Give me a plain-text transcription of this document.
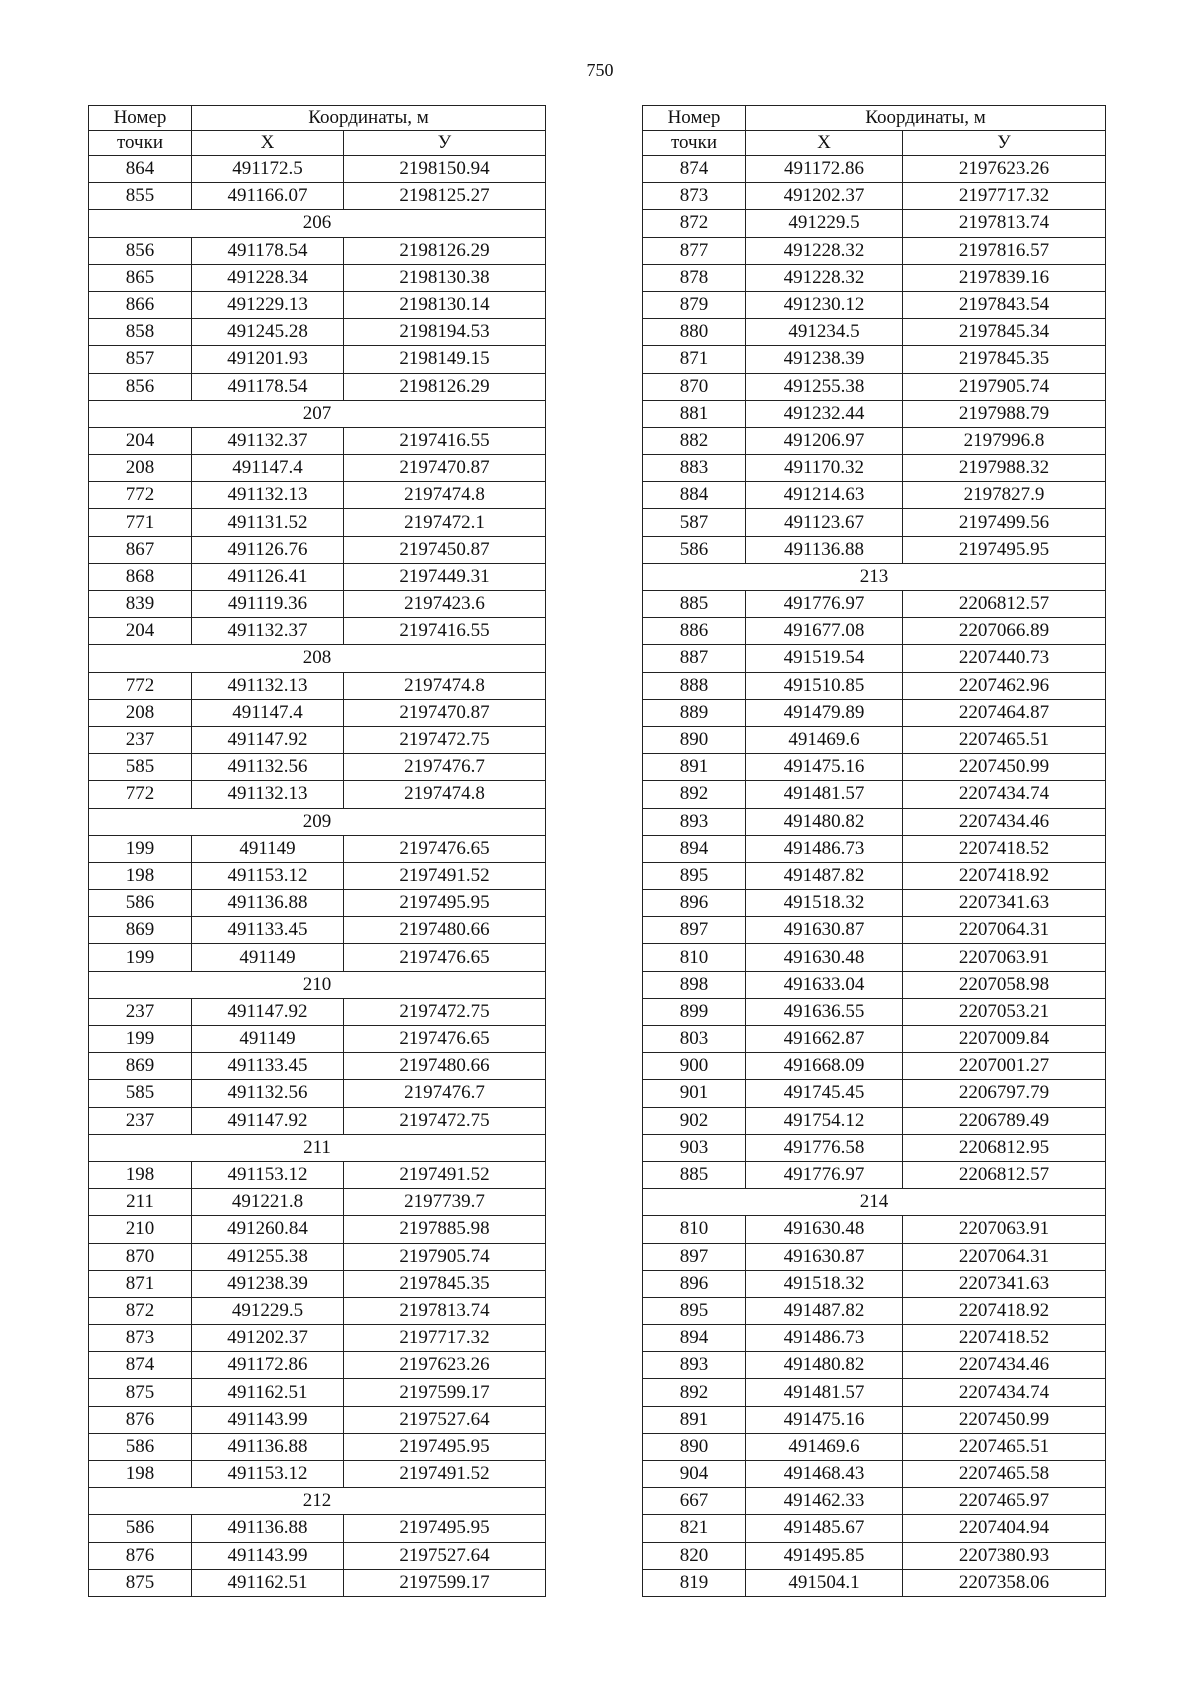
750
Номер	Координаты, м	
точки	X	У
864	491172.5	2198150.94
855	491166.07	2198125.27
206		
856	491178.54	2198126.29
865	491228.34	2198130.38
866	491229.13	2198130.14
858	491245.28	2198194.53
857	491201.93	2198149.15
856	491178.54	2198126.29
207		
204	491132.37	2197416.55
208	491147.4	2197470.87
772	491132.13	2197474.8
771	491131.52	2197472.1
867	491126.76	2197450.87
868	491126.41	2197449.31
839	491119.36	2197423.6
204	491132.37	2197416.55
208		
772	491132.13	2197474.8
208	491147.4	2197470.87
237	491147.92	2197472.75
585	491132.56	2197476.7
772	491132.13	2197474.8
209		
199	491149	2197476.65
198	491153.12	2197491.52
586	491136.88	2197495.95
869	491133.45	2197480.66
199	491149	2197476.65
210		
237	491147.92	2197472.75
199	491149	2197476.65
869	491133.45	2197480.66
585	491132.56	2197476.7
237	491147.92	2197472.75
211		
198	491153.12	2197491.52
211	491221.8	2197739.7
210	491260.84	2197885.98
870	491255.38	2197905.74
871	491238.39	2197845.35
872	491229.5	2197813.74
873	491202.37	2197717.32
874	491172.86	2197623.26
875	491162.51	2197599.17
876	491143.99	2197527.64
586	491136.88	2197495.95
198	491153.12	2197491.52
212		
586	491136.88	2197495.95
876	491143.99	2197527.64
875	491162.51	2197599.17
Номер	Координаты, м	
точки	X	У
874	491172.86	2197623.26
873	491202.37	2197717.32
872	491229.5	2197813.74
877	491228.32	2197816.57
878	491228.32	2197839.16
879	491230.12	2197843.54
880	491234.5	2197845.34
871	491238.39	2197845.35
870	491255.38	2197905.74
881	491232.44	2197988.79
882	491206.97	2197996.8
883	491170.32	2197988.32
884	491214.63	2197827.9
587	491123.67	2197499.56
586	491136.88	2197495.95
213		
885	491776.97	2206812.57
886	491677.08	2207066.89
887	491519.54	2207440.73
888	491510.85	2207462.96
889	491479.89	2207464.87
890	491469.6	2207465.51
891	491475.16	2207450.99
892	491481.57	2207434.74
893	491480.82	2207434.46
894	491486.73	2207418.52
895	491487.82	2207418.92
896	491518.32	2207341.63
897	491630.87	2207064.31
810	491630.48	2207063.91
898	491633.04	2207058.98
899	491636.55	2207053.21
803	491662.87	2207009.84
900	491668.09	2207001.27
901	491745.45	2206797.79
902	491754.12	2206789.49
903	491776.58	2206812.95
885	491776.97	2206812.57
214		
810	491630.48	2207063.91
897	491630.87	2207064.31
896	491518.32	2207341.63
895	491487.82	2207418.92
894	491486.73	2207418.52
893	491480.82	2207434.46
892	491481.57	2207434.74
891	491475.16	2207450.99
890	491469.6	2207465.51
904	491468.43	2207465.58
667	491462.33	2207465.97
821	491485.67	2207404.94
820	491495.85	2207380.93
819	491504.1	2207358.06
